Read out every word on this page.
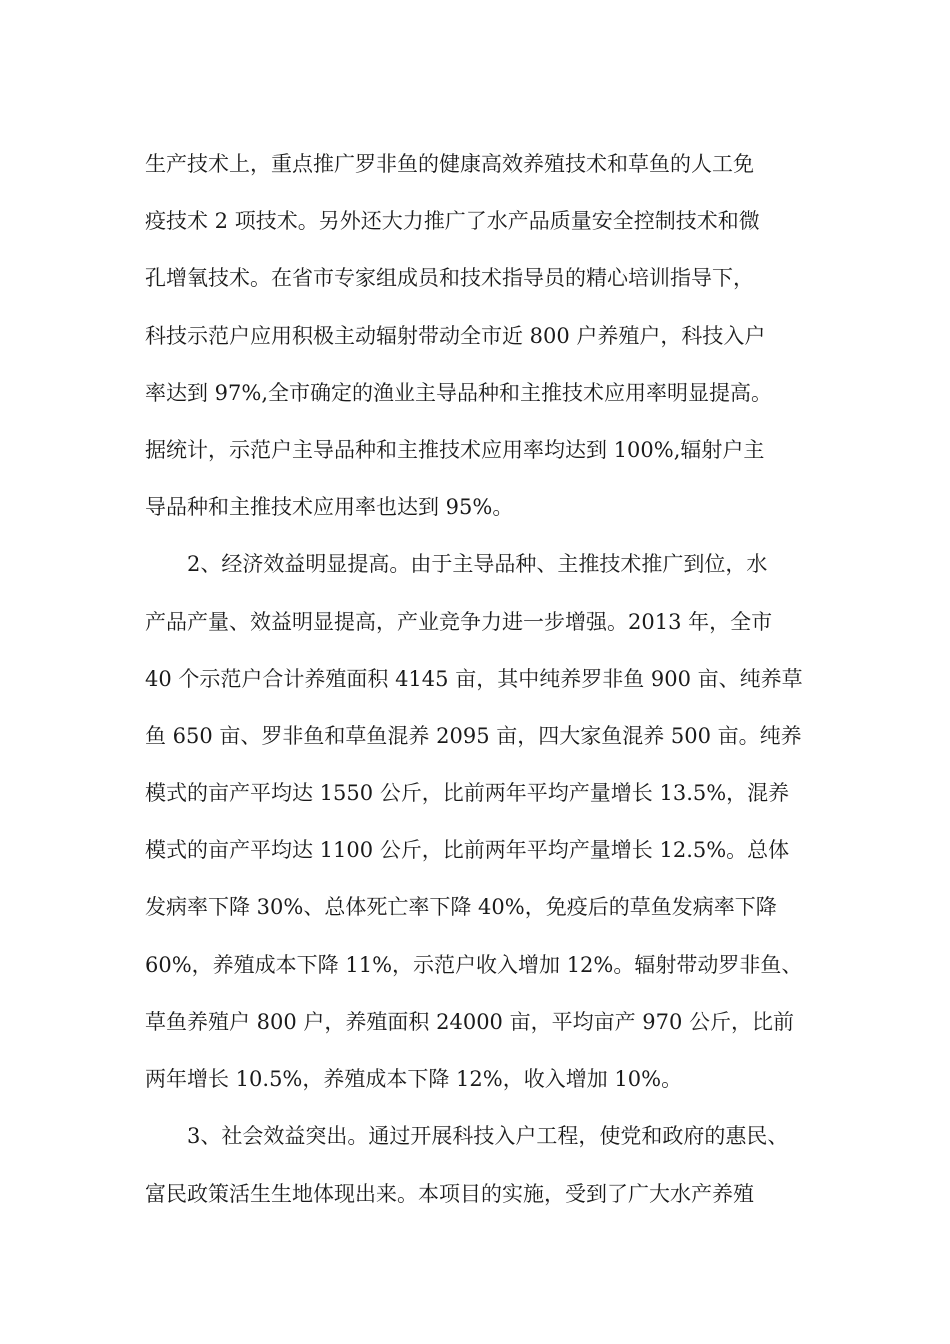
生产技术上，重点推广罗非鱼的健康高效养殖技术和草鱼的人工免
疫技术 2 项技术。另外还大力推广了水产品质量安全控制技术和微
孔增氧技术。在省市专家组成员和技术指导员的精心培训指导下，
科技示范户应用积极主动辐射带动全市近 800 户养殖户，科技入户
率达到 97%,全市确定的渔业主导品种和主推技术应用率明显提高。
据统计，示范户主导品种和主推技术应用率均达到 100%,辐射户主
导品种和主推技术应用率也达到 95%。
2、经济效益明显提高。由于主导品种、主推技术推广到位，水
产品产量、效益明显提高，产业竞争力进一步增强。2013 年，全市
40 个示范户合计养殖面积 4145 亩，其中纯养罗非鱼 900 亩、纯养草
鱼 650 亩、罗非鱼和草鱼混养 2095 亩，四大家鱼混养 500 亩。纯养
模式的亩产平均达 1550 公斤，比前两年平均产量增长 13.5%，混养
模式的亩产平均达 1100 公斤，比前两年平均产量增长 12.5%。总体
发病率下降 30%、总体死亡率下降 40%，免疫后的草鱼发病率下降
60%，养殖成本下降 11%，示范户收入增加 12%。辐射带动罗非鱼、
草鱼养殖户 800 户，养殖面积 24000 亩，平均亩产 970 公斤，比前
两年增长 10.5%，养殖成本下降 12%，收入增加 10%。
3、社会效益突出。通过开展科技入户工程，使党和政府的惠民、
富民政策活生生地体现出来。本项目的实施，受到了广大水产养殖
